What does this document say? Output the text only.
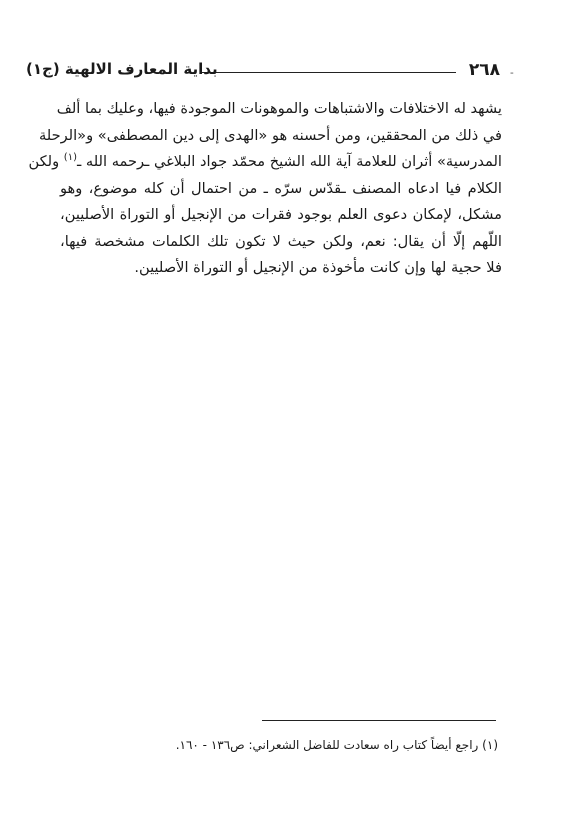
-
٢٦٨
بداية المعارف الالهية (ج١)
يشهد له الاختلافات والاشتباهات والموهونات الموجودة فيها، وعليك بما ألف
في ذلك من المحققين، ومن أحسنه هو «الهدى إلى دين المصطفى» و«الرحلة
المدرسية» أثران للعلامة آية الله الشيخ محمّد جواد البلاغي ـرحمه الله ـ$^{(١)}$ ولكن
الكلام فيا ادعاه المصنف ـقدّس سرّه ـ من احتمال أن كله موضوع، وهو
مشكل، لإمكان دعوى العلم بوجود فقرات من الإنجيل أو التوراة الأصليين،
اللّهم إلّا أن يقال: نعم، ولكن حيث لا تكون تلك الكلمات مشخصة فيها،
فلا حجية لها وإن كانت مأخوذة من الإنجيل أو التوراة الأصليين.
(١) راجع أيضاً كتاب راه سعادت للفاضل الشعراني: ص١٣٦ - ١٦٠.
